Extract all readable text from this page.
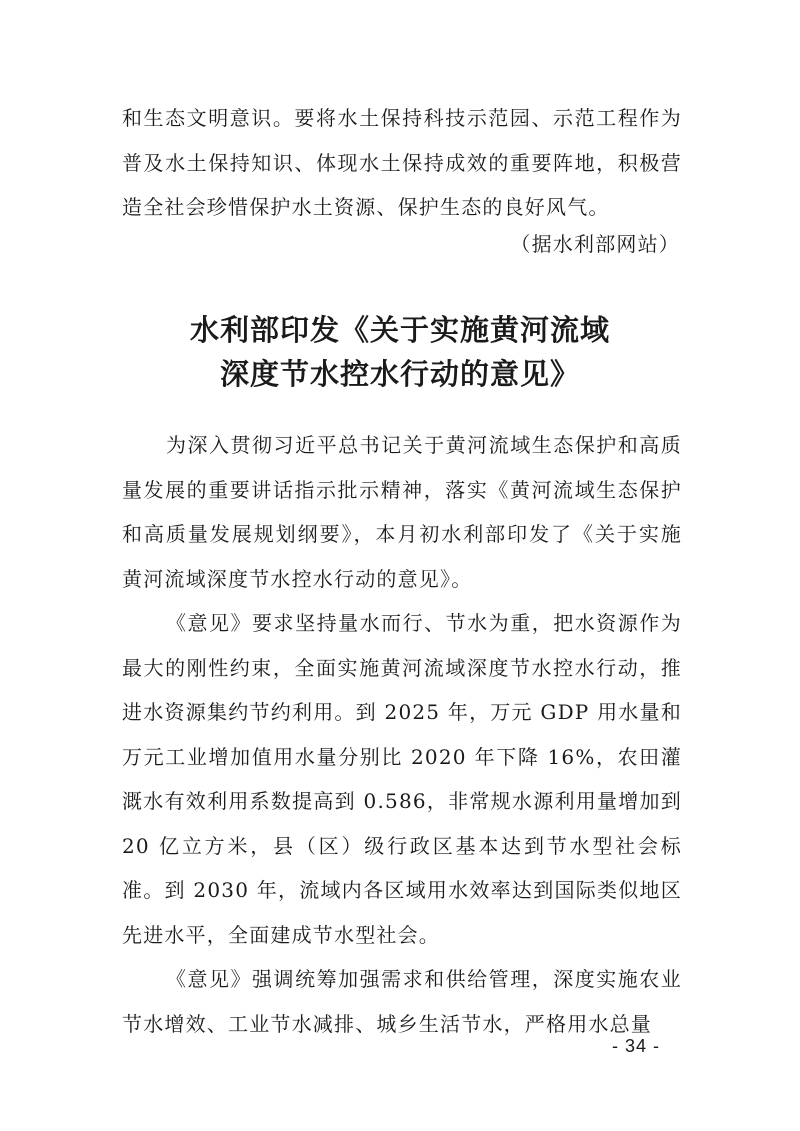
和生态文明意识。要将水土保持科技示范园、示范工程作为普及水土保持知识、体现水土保持成效的重要阵地，积极营造全社会珍惜保护水土资源、保护生态的良好风气。

（据水利部网站）
水利部印发《关于实施黄河流域
深度节水控水行动的意见》

为深入贯彻习近平总书记关于黄河流域生态保护和高质量发展的重要讲话指示批示精神，落实《黄河流域生态保护和高质量发展规划纲要》，本月初水利部印发了《关于实施黄河流域深度节水控水行动的意见》。

《意见》要求坚持量水而行、节水为重，把水资源作为最大的刚性约束，全面实施黄河流域深度节水控水行动，推进水资源集约节约利用。到 2025 年，万元 GDP 用水量和万元工业增加值用水量分别比 2020 年下降 16%，农田灌溉水有效利用系数提高到 0.586，非常规水源利用量增加到 20 亿立方米，县（区）级行政区基本达到节水型社会标准。到 2030 年，流域内各区域用水效率达到国际类似地区先进水平，全面建成节水型社会。

《意见》强调统筹加强需求和供给管理，深度实施农业节水增效、工业节水减排、城乡生活节水，严格用水总量

- 34 -
